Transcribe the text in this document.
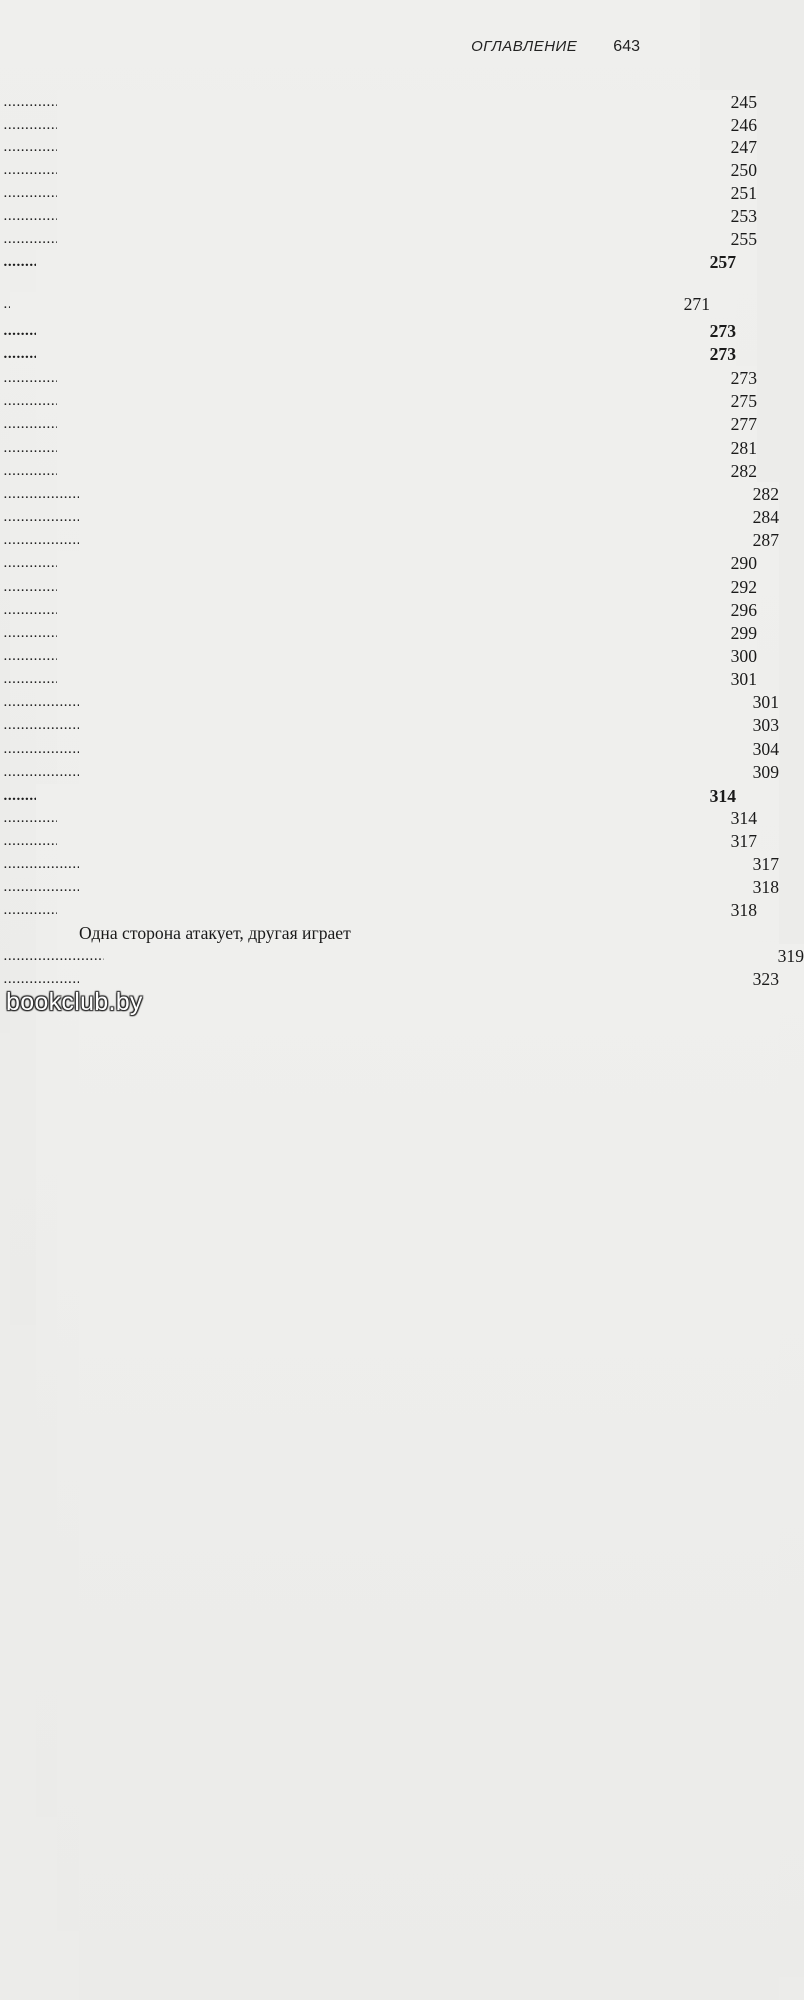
ОГЛАВЛЕНИЕ 643
. . .
245
. . .
246
. . .
247
. . .
250
. . .
251
. . .
253
. . .
255
. . .
257
. . .
271
. . .
273
. . .
273
. . .
273
. . .
275
. . .
277
. . .
281
. . .
282
. . .
282
. . .
284
. . .
287
. . .
290
. . .
292
. . .
296
. . .
299
. . .
300
. . .
301
. . .
301
. . .
303
. . .
304
. . .
309
. . .
314
. . .
314
. . .
317
. . .
317
. . .
318
. . .
318
Одна сторона атакует, другая играет
. . .
319
. . .
323
bookclub.by
